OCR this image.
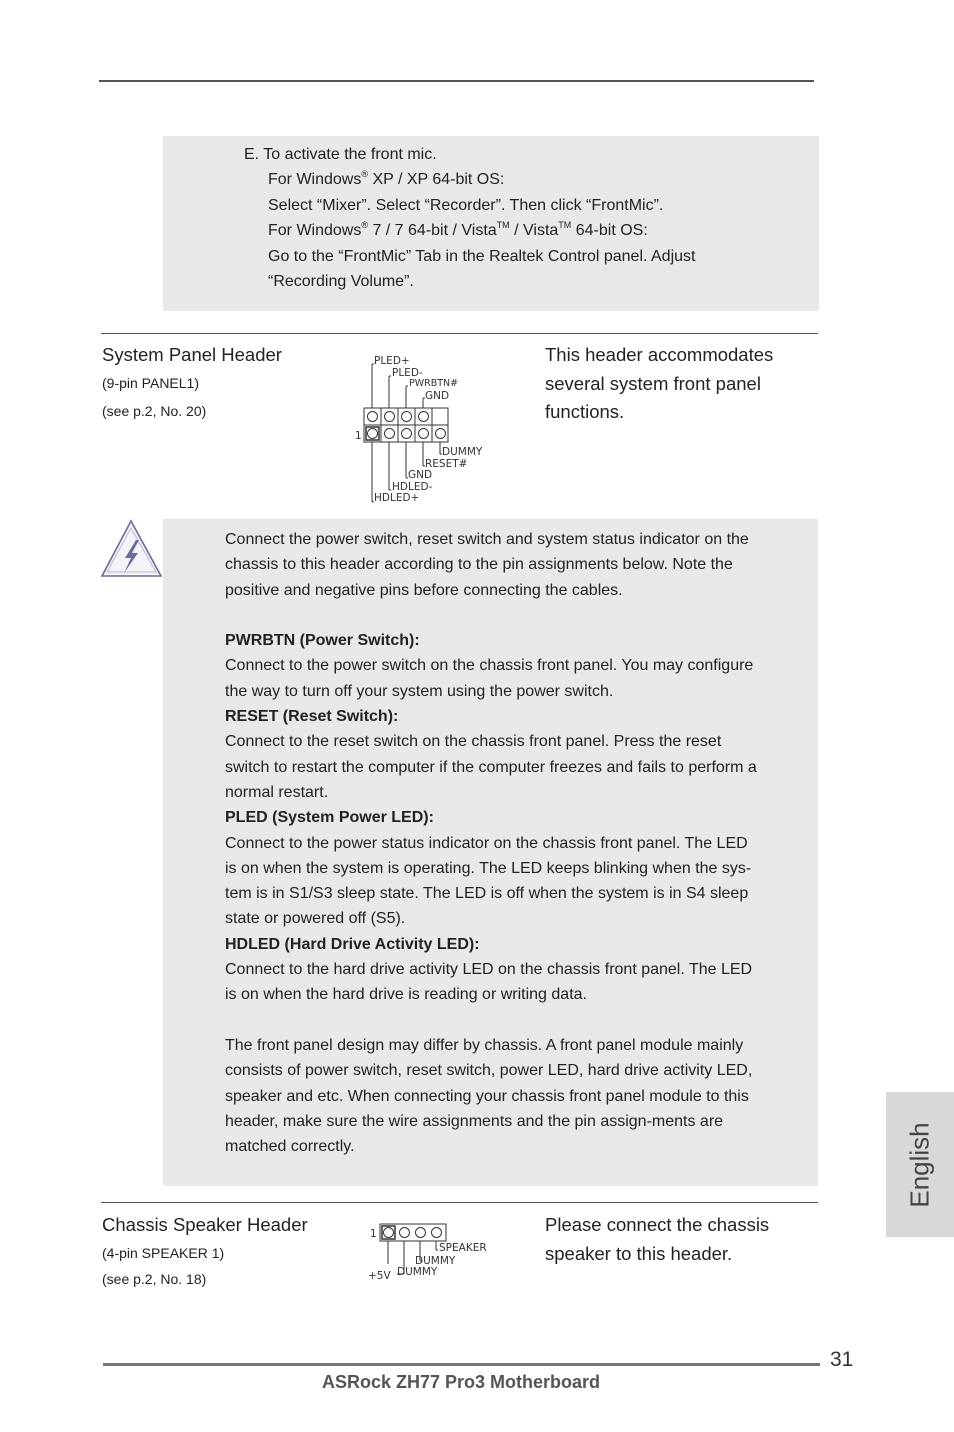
E. To activate the front mic.
For Windows® XP / XP 64-bit OS:
Select “Mixer”. Select “Recorder”. Then click “FrontMic”.
For Windows® 7 / 7 64-bit / Vista™ / Vista™ 64-bit OS:
Go to the “FrontMic” Tab in the Realtek Control panel. Adjust
“Recording Volume”.
System Panel Header
(9-pin PANEL1)
(see p.2, No. 20)
This header accommodates
several system front panel
functions.
1
PLED+
PLED-
PWRBTN#
GND
DUMMY
RESET#
GND
HDLED-
HDLED+
Connect the power switch, reset switch and system status indicator on the
chassis to this header according to the pin assignments below. Note the
positive and negative pins before connecting the cables.
PWRBTN (Power Switch):
Connect to the power switch on the chassis front panel. You may configure
the way to turn off your system using the power switch.
RESET (Reset Switch):
Connect to the reset switch on the chassis front panel. Press the reset
switch to restart the computer if the computer freezes and fails to perform a
normal restart.
PLED (System Power LED):
Connect to the power status indicator on the chassis front panel. The LED
is on when the system is operating. The LED keeps blinking when the sys-
tem is in S1/S3 sleep state. The LED is off when the system is in S4 sleep
state or powered off (S5).
HDLED (Hard Drive Activity LED):
Connect to the hard drive activity LED on the chassis front panel. The LED
is on when the hard drive is reading or writing data.
The front panel design may differ by chassis. A front panel module mainly
consists of power switch, reset switch, power LED, hard drive activity LED,
speaker and etc. When connecting your chassis front panel module to this
header, make sure the wire assignments and the pin assign-ments are
matched correctly.
Chassis Speaker Header
(4-pin SPEAKER 1)
(see p.2, No. 18)
Please connect the chassis
speaker to this header.
1
SPEAKER
DUMMY
+5V DUMMY
English
31
ASRock ZH77 Pro3 Motherboard
